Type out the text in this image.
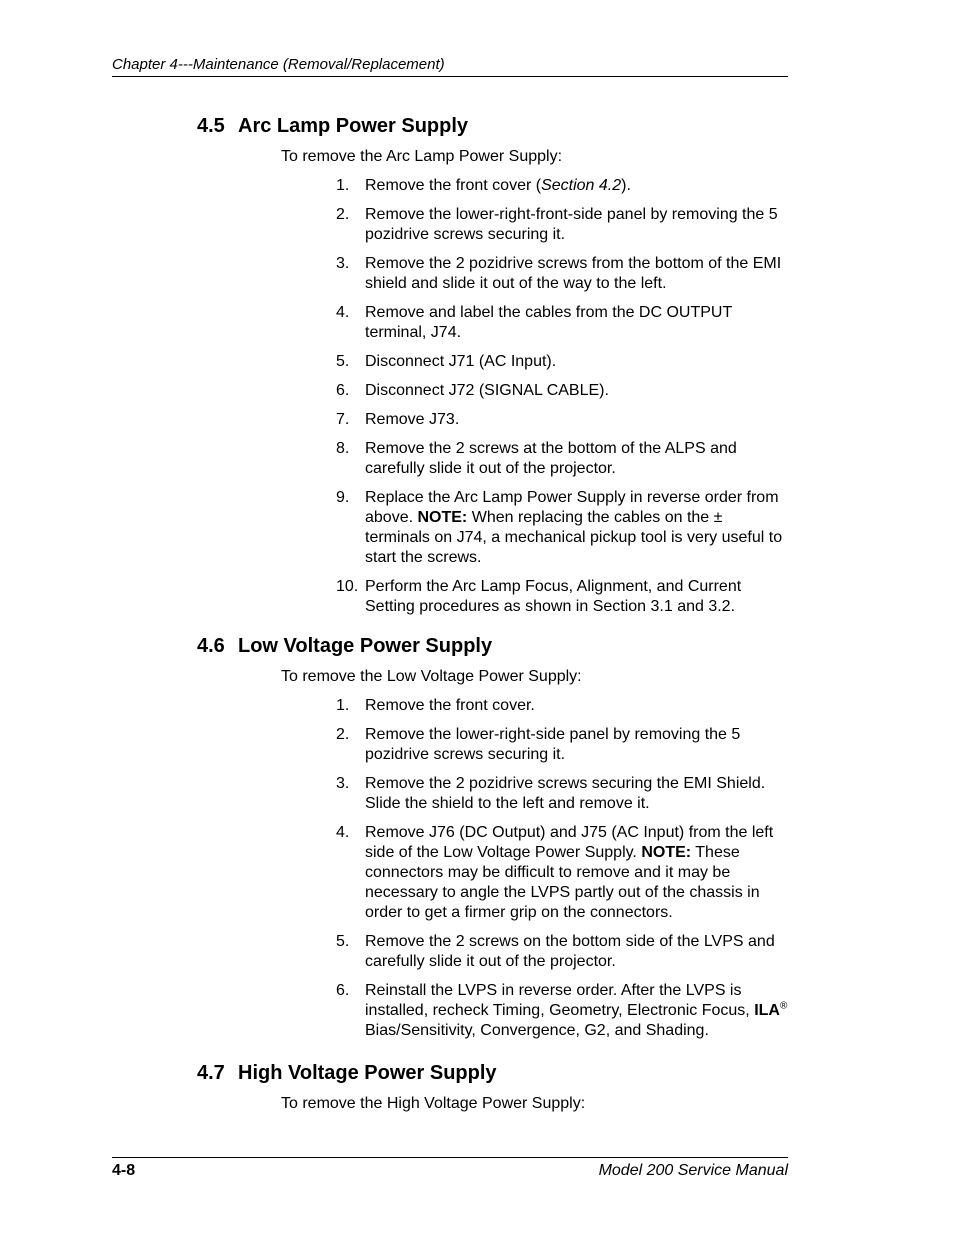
Chapter 4---Maintenance (Removal/Replacement)
4.5 Arc Lamp Power Supply
To remove the Arc Lamp Power Supply:
1. Remove the front cover (Section 4.2).
2. Remove the lower-right-front-side panel by removing the 5 pozidrive screws securing it.
3. Remove the 2 pozidrive screws from the bottom of the EMI shield and slide it out of the way to the left.
4. Remove and label the cables from the DC OUTPUT terminal, J74.
5. Disconnect J71 (AC Input).
6. Disconnect J72 (SIGNAL CABLE).
7. Remove J73.
8. Remove the 2 screws at the bottom of the ALPS and carefully slide it out of the projector.
9. Replace the Arc Lamp Power Supply in reverse order from above. NOTE: When replacing the cables on the ± terminals on J74, a mechanical pickup tool is very useful to start the screws.
10. Perform the Arc Lamp Focus, Alignment, and Current Setting procedures as shown in Section 3.1 and 3.2.
4.6 Low Voltage Power Supply
To remove the Low Voltage Power Supply:
1. Remove the front cover.
2. Remove the lower-right-side panel by removing the 5 pozidrive screws securing it.
3. Remove the 2 pozidrive screws securing the EMI Shield. Slide the shield to the left and remove it.
4. Remove J76 (DC Output) and J75 (AC Input) from the left side of the Low Voltage Power Supply. NOTE: These connectors may be difficult to remove and it may be necessary to angle the LVPS partly out of the chassis in order to get a firmer grip on the connectors.
5. Remove the 2 screws on the bottom side of the LVPS and carefully slide it out of the projector.
6. Reinstall the LVPS in reverse order. After the LVPS is installed, recheck Timing, Geometry, Electronic Focus, ILA® Bias/Sensitivity, Convergence, G2, and Shading.
4.7 High Voltage Power Supply
To remove the High Voltage Power Supply:
4-8	Model 200 Service Manual
